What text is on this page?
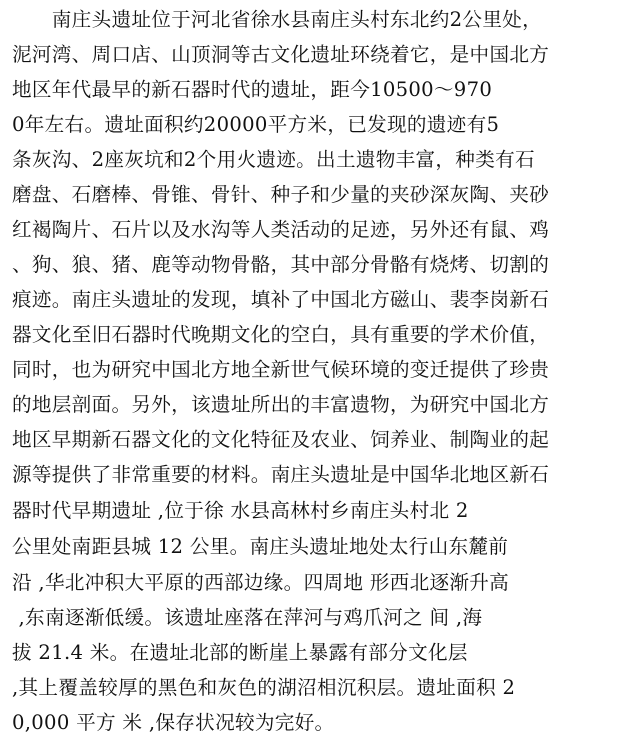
　　南庄头遗址位于河北省徐水县南庄头村东北约2公里处，
泥河湾、周口店、山顶洞等古文化遗址环绕着它，是中国北方
地区年代最早的新石器时代的遗址，距今10500～970
0年左右。遗址面积约20000平方米，已发现的遗迹有5
条灰沟、2座灰坑和2个用火遗迹。出土遗物丰富，种类有石
磨盘、石磨棒、骨锥、骨针、种子和少量的夹砂深灰陶、夹砂
红褐陶片、石片以及水沟等人类活动的足迹，另外还有鼠、鸡
、狗、狼、猪、鹿等动物骨骼，其中部分骨骼有烧烤、切割的
痕迹。南庄头遗址的发现，填补了中国北方磁山、裴李岗新石
器文化至旧石器时代晚期文化的空白，具有重要的学术价值，
同时，也为研究中国北方地全新世气候环境的变迁提供了珍贵
的地层剖面。另外，该遗址所出的丰富遗物，为研究中国北方
地区早期新石器文化的文化特征及农业、饲养业、制陶业的起
源等提供了非常重要的材料。南庄头遗址是中国华北地区新石
器时代早期遗址 ,位于徐 水县高林村乡南庄头村北 2
公里处南距县城 12 公里。南庄头遗址地处太行山东麓前
沿 ,华北冲积大平原的西部边缘。四周地 形西北逐渐升高
,东南逐渐低缓。该遗址座落在萍河与鸡爪河之 间 ,海
拔 21.4 米。在遗址北部的断崖上暴露有部分文化层
,其上覆盖较厚的黑色和灰色的湖沼相沉积层。遗址面积 2
0,000 平方 米 ,保存状况较为完好。
